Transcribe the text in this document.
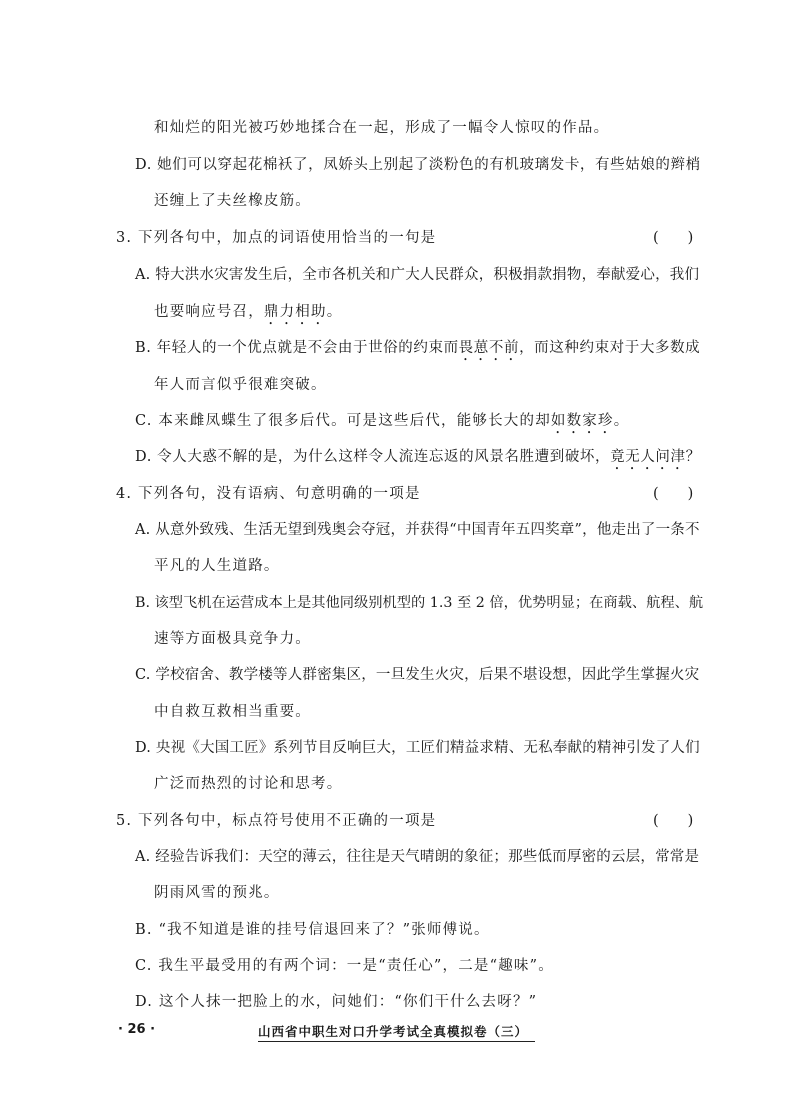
和灿烂的阳光被巧妙地揉合在一起，形成了一幅令人惊叹的作品。
D. 她们可以穿起花棉袄了，凤娇头上别起了淡粉色的有机玻璃发卡，有些姑娘的辫梢
还缠上了夫丝橡皮筋。
3. 下列各句中，加点的词语使用恰当的一句是	(　　)
A. 特大洪水灾害发生后，全市各机关和广大人民群众，积极捐款捐物，奉献爱心，我们
也要响应号召，鼎力相助。
B. 年轻人的一个优点就是不会由于世俗的约束而畏葸不前，而这种约束对于大多数成
年人而言似乎很难突破。
C. 本来雌凤蝶生了很多后代。可是这些后代，能够长大的却如数家珍。
D. 令人大惑不解的是，为什么这样令人流连忘返的风景名胜遭到破坏，竟无人问津？
4. 下列各句，没有语病、句意明确的一项是	(　　)
A. 从意外致残、生活无望到残奥会夺冠，并获得“中国青年五四奖章”，他走出了一条不
平凡的人生道路。
B. 该型飞机在运营成本上是其他同级别机型的 1.3 至 2 倍，优势明显；在商载、航程、航
速等方面极具竞争力。
C. 学校宿舍、教学楼等人群密集区，一旦发生火灾，后果不堪设想，因此学生掌握火灾
中自救互救相当重要。
D. 央视《大国工匠》系列节目反响巨大，工匠们精益求精、无私奉献的精神引发了人们
广泛而热烈的讨论和思考。
5. 下列各句中，标点符号使用不正确的一项是	(　　)
A. 经验告诉我们：天空的薄云，往往是天气晴朗的象征；那些低而厚密的云层，常常是
阴雨风雪的预兆。
B. “我不知道是谁的挂号信退回来了？”张师傅说。
C. 我生平最受用的有两个词：一是“责任心”，二是“趣味”。
D. 这个人抹一把脸上的水，问她们：“你们干什么去呀？”
· 26 ·	山西省中职生对口升学考试全真模拟卷（三）
